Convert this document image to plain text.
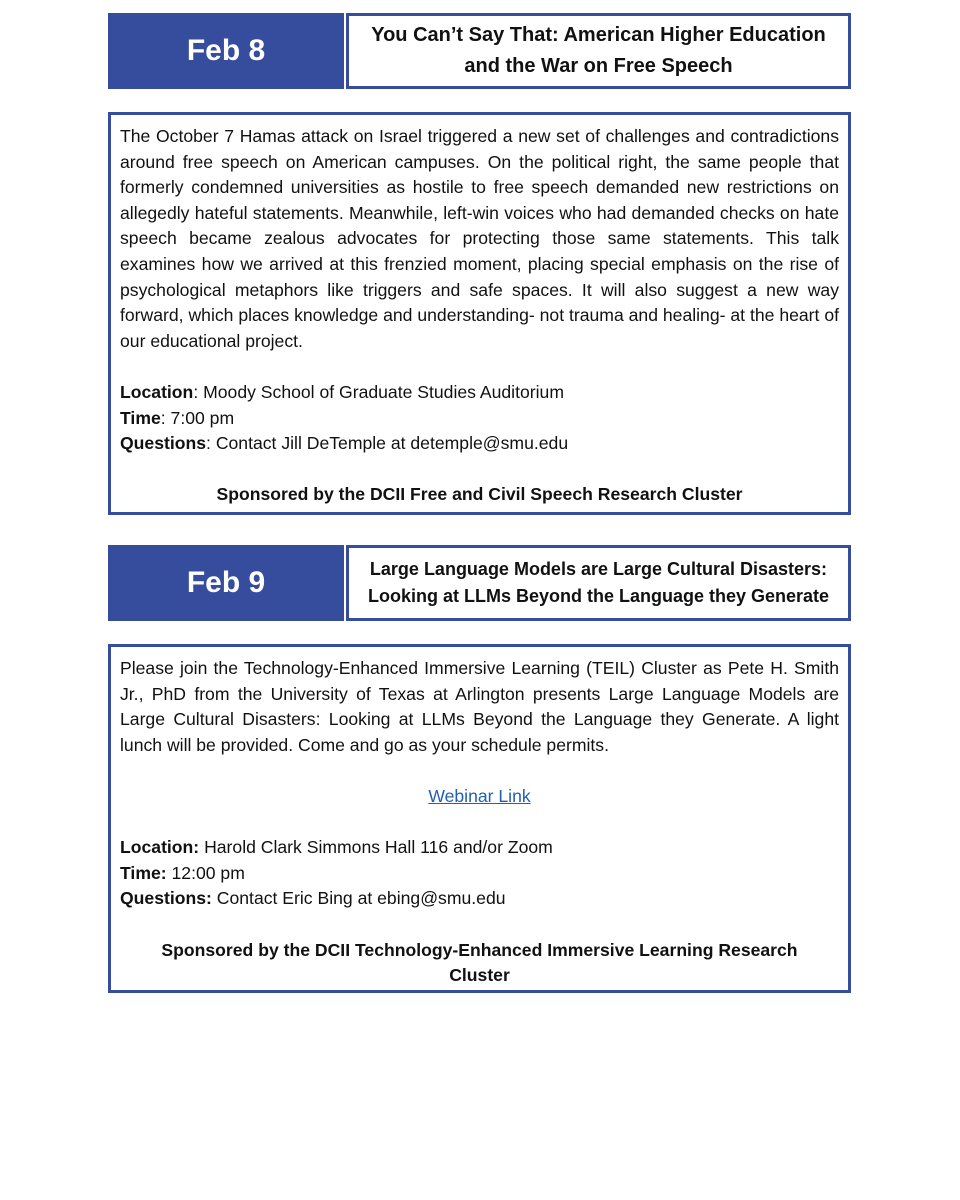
Feb 8	You Can’t Say That: American Higher Education and the War on Free Speech

The October 7 Hamas attack on Israel triggered a new set of challenges and contradictions around free speech on American campuses. On the political right, the same people that formerly condemned universities as hostile to free speech demanded new restrictions on allegedly hateful statements. Meanwhile, left-win voices who had demanded checks on hate speech became zealous advocates for protecting those same statements. This talk examines how we arrived at this frenzied moment, placing special emphasis on the rise of psychological metaphors like triggers and safe spaces. It will also suggest a new way forward, which places knowledge and understanding- not trauma and healing- at the heart of our educational project.

Location: Moody School of Graduate Studies Auditorium

Time: 7:00 pm

Questions: Contact Jill DeTemple at detemple@smu.edu

Sponsored by the DCII Free and Civil Speech Research Cluster

Feb 9	Large Language Models are Large Cultural Disasters: Looking at LLMs Beyond the Language they Generate

Please join the Technology-Enhanced Immersive Learning (TEIL) Cluster as Pete H. Smith Jr., PhD from the University of Texas at Arlington presents Large Language Models are Large Cultural Disasters: Looking at LLMs Beyond the Language they Generate. A light lunch will be provided. Come and go as your schedule permits.

Webinar Link

Location: Harold Clark Simmons Hall 116 and/or Zoom

Time: 12:00 pm

Questions: Contact Eric Bing at ebing@smu.edu

Sponsored by the DCII Technology-Enhanced Immersive Learning Research Cluster
